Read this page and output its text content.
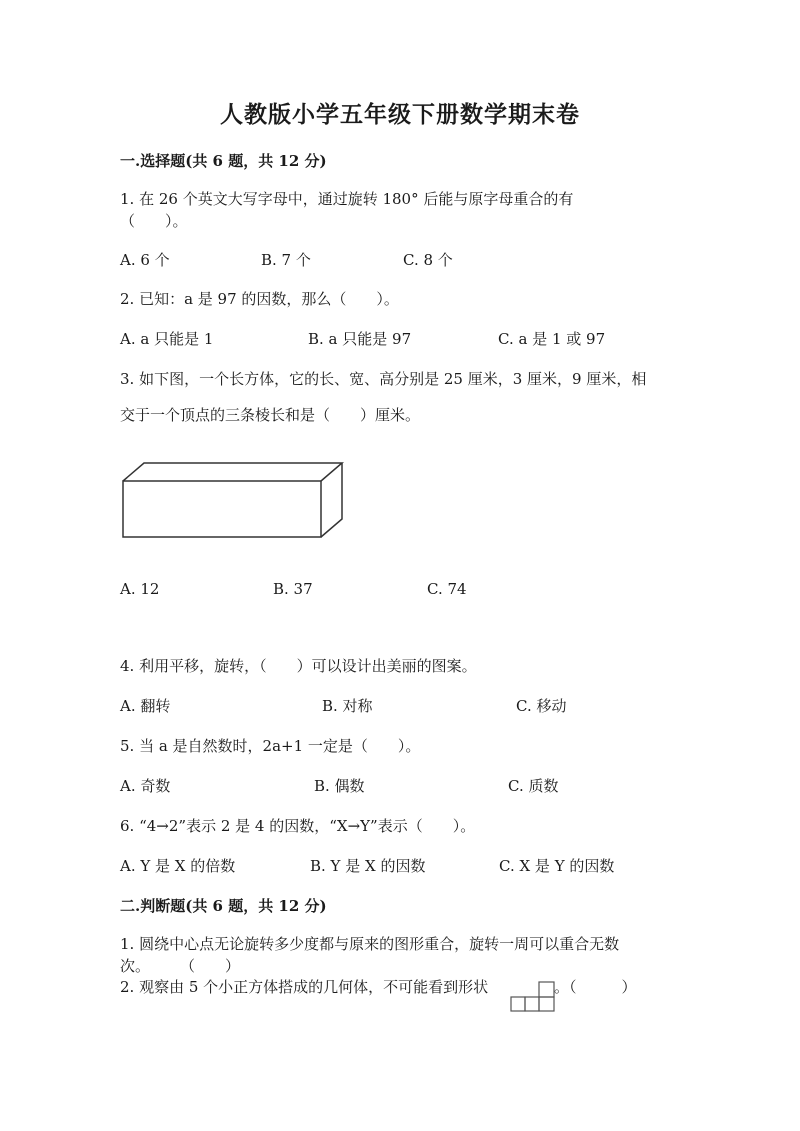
人教版小学五年级下册数学期末卷
一.选择题(共 6 题，共 12 分)
1. 在 26 个英文大写字母中，通过旋转 180° 后能与原字母重合的有
（　　）。
A. 6 个	B. 7 个	C. 8 个
2. 已知：a 是 97 的因数，那么（　　）。
A. a 只能是 1	B. a 只能是 97	C. a 是 1 或 97
3. 如下图，一个长方体，它的长、宽、高分别是 25 厘米，3 厘米，9 厘米，相
交于一个顶点的三条棱长和是（　　）厘米。
A. 12	B. 37	C. 74
4. 利用平移，旋转，（　　）可以设计出美丽的图案。
A. 翻转	B. 对称	C. 移动
5. 当 a 是自然数时，2a+1 一定是（　　）。
A. 奇数	B. 偶数	C. 质数
6. “4→2”表示 2 是 4 的因数，“X→Y”表示（　　）。
A. Y 是 X 的倍数	B. Y 是 X 的因数	C. X 是 Y 的因数
二.判断题(共 6 题，共 12 分)
1. 圆绕中心点无论旋转多少度都与原来的图形重合，旋转一周可以重合无数
次。　　　（　　）
2. 观察由 5 个小正方体搭成的几何体，不可能看到形状	。（　　　）
